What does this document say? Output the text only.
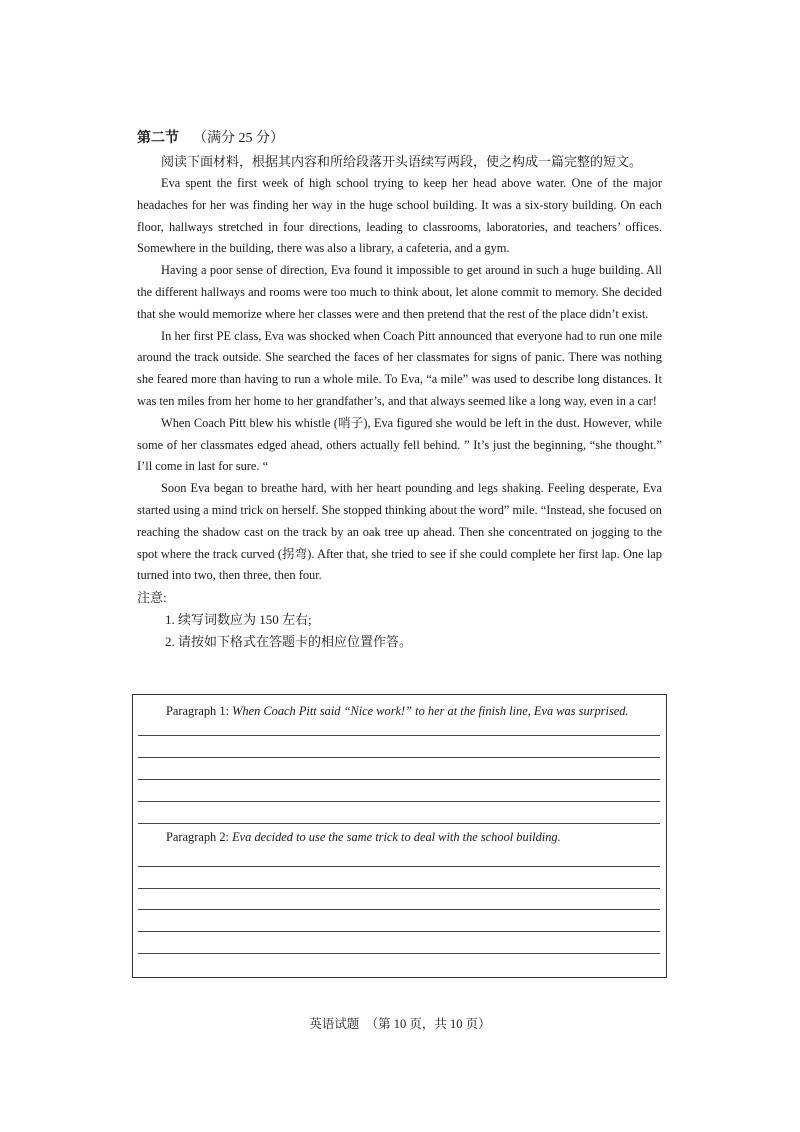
第二节 （满分 25 分）

阅读下面材料，根据其内容和所给段落开头语续写两段，使之构成一篇完整的短文。

Eva spent the first week of high school trying to keep her head above water. One of the major headaches for her was finding her way in the huge school building. It was a six-story building. On each floor, hallways stretched in four directions, leading to classrooms, laboratories, and teachers’ offices. Somewhere in the building, there was also a library, a cafeteria, and a gym.

Having a poor sense of direction, Eva found it impossible to get around in such a huge building. All the different hallways and rooms were too much to think about, let alone commit to memory. She decided that she would memorize where her classes were and then pretend that the rest of the place didn’t exist.

In her first PE class, Eva was shocked when Coach Pitt announced that everyone had to run one mile around the track outside. She searched the faces of her classmates for signs of panic. There was nothing she feared more than having to run a whole mile. To Eva, “a mile” was used to describe long distances. It was ten miles from her home to her grandfather’s, and that always seemed like a long way, even in a car!

When Coach Pitt blew his whistle (哨子), Eva figured she would be left in the dust. However, while some of her classmates edged ahead, others actually fell behind. ” It’s just the beginning, “she thought.” I’ll come in last for sure. “

Soon Eva began to breathe hard, with her heart pounding and legs shaking. Feeling desperate, Eva started using a mind trick on herself. She stopped thinking about the word” mile. “Instead, she focused on reaching the shadow cast on the track by an oak tree up ahead. Then she concentrated on jogging to the spot where the track curved (拐弯). After that, she tried to see if she could complete her first lap. One lap turned into two, then three, then four.

注意:

1. 续写词数应为 150 左右;

2. 请按如下格式在答题卡的相应位置作答。

Paragraph 1: When Coach Pitt said “Nice work!” to her at the finish line, Eva was surprised.
Paragraph 2: Eva decided to use the same trick to deal with the school building.
英语试题　（第 10 页，共 10 页）
